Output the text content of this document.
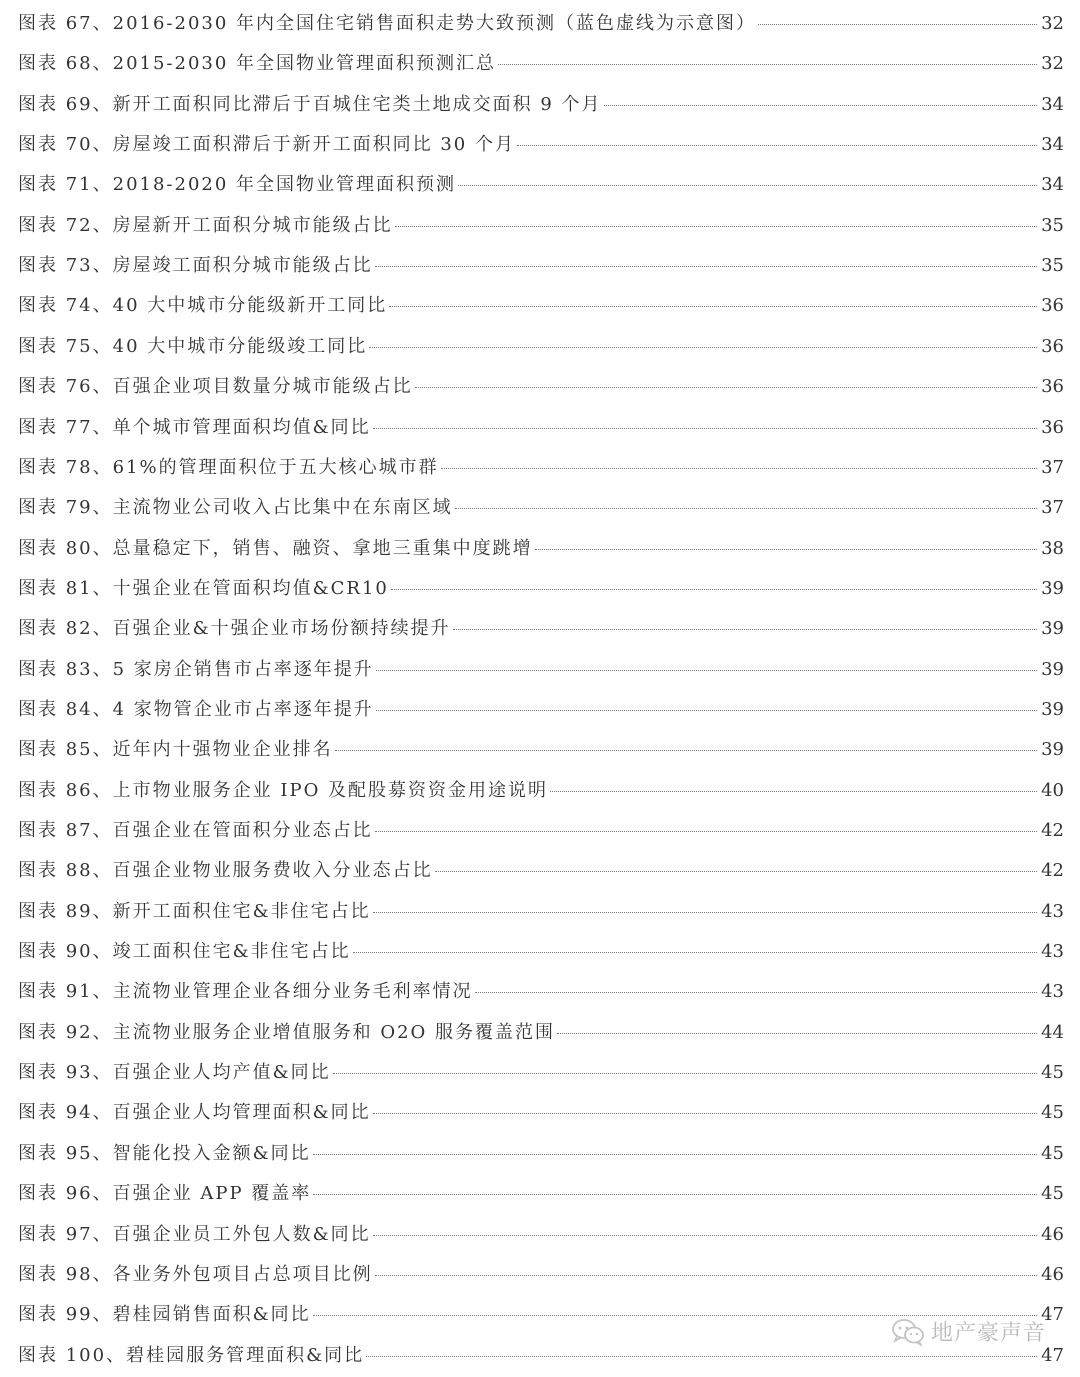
图表 67、2016-2030 年内全国住宅销售面积走势大致预测（蓝色虚线为示意图）	32
图表 68、2015-2030 年全国物业管理面积预测汇总	32
图表 69、新开工面积同比滞后于百城住宅类土地成交面积 9 个月	34
图表 70、房屋竣工面积滞后于新开工面积同比 30 个月	34
图表 71、2018-2020 年全国物业管理面积预测	34
图表 72、房屋新开工面积分城市能级占比	35
图表 73、房屋竣工面积分城市能级占比	35
图表 74、40 大中城市分能级新开工同比	36
图表 75、40 大中城市分能级竣工同比	36
图表 76、百强企业项目数量分城市能级占比	36
图表 77、单个城市管理面积均值&同比	36
图表 78、61%的管理面积位于五大核心城市群	37
图表 79、主流物业公司收入占比集中在东南区域	37
图表 80、总量稳定下，销售、融资、拿地三重集中度跳增	38
图表 81、十强企业在管面积均值&CR10	39
图表 82、百强企业&十强企业市场份额持续提升	39
图表 83、5 家房企销售市占率逐年提升	39
图表 84、4 家物管企业市占率逐年提升	39
图表 85、近年内十强物业企业排名	39
图表 86、上市物业服务企业 IPO 及配股募资资金用途说明	40
图表 87、百强企业在管面积分业态占比	42
图表 88、百强企业物业服务费收入分业态占比	42
图表 89、新开工面积住宅&非住宅占比	43
图表 90、竣工面积住宅&非住宅占比	43
图表 91、主流物业管理企业各细分业务毛利率情况	43
图表 92、主流物业服务企业增值服务和 O2O 服务覆盖范围	44
图表 93、百强企业人均产值&同比	45
图表 94、百强企业人均管理面积&同比	45
图表 95、智能化投入金额&同比	45
图表 96、百强企业 APP 覆盖率	45
图表 97、百强企业员工外包人数&同比	46
图表 98、各业务外包项目占总项目比例	46
图表 99、碧桂园销售面积&同比	47
图表 100、碧桂园服务管理面积&同比	47
地产豪声音
